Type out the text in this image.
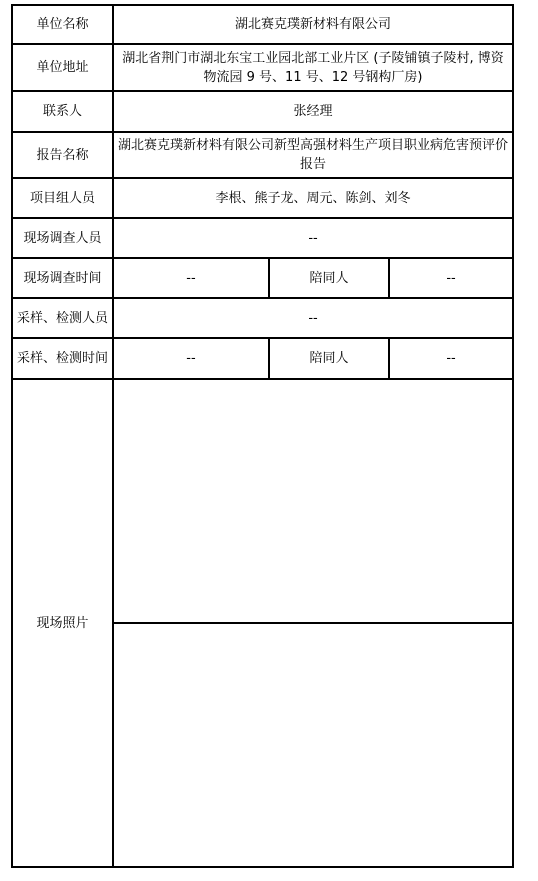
单位名称	湖北赛克璞新材料有限公司		
单位地址	湖北省荆门市湖北东宝工业园北部工业片区 (子陵铺镇子陵村, 博资物流园 9 号、11 号、12 号钢构厂房)		
联系人	张经理		
报告名称	湖北赛克璞新材料有限公司新型高强材料生产项目职业病危害预评价报告		
项目组人员	李根、熊子龙、周元、陈剑、刘冬		
现场调查人员	--		
现场调查时间	--	陪同人	--
采样、检测人员	--		
采样、检测时间	--	陪同人	--
现场照片			
